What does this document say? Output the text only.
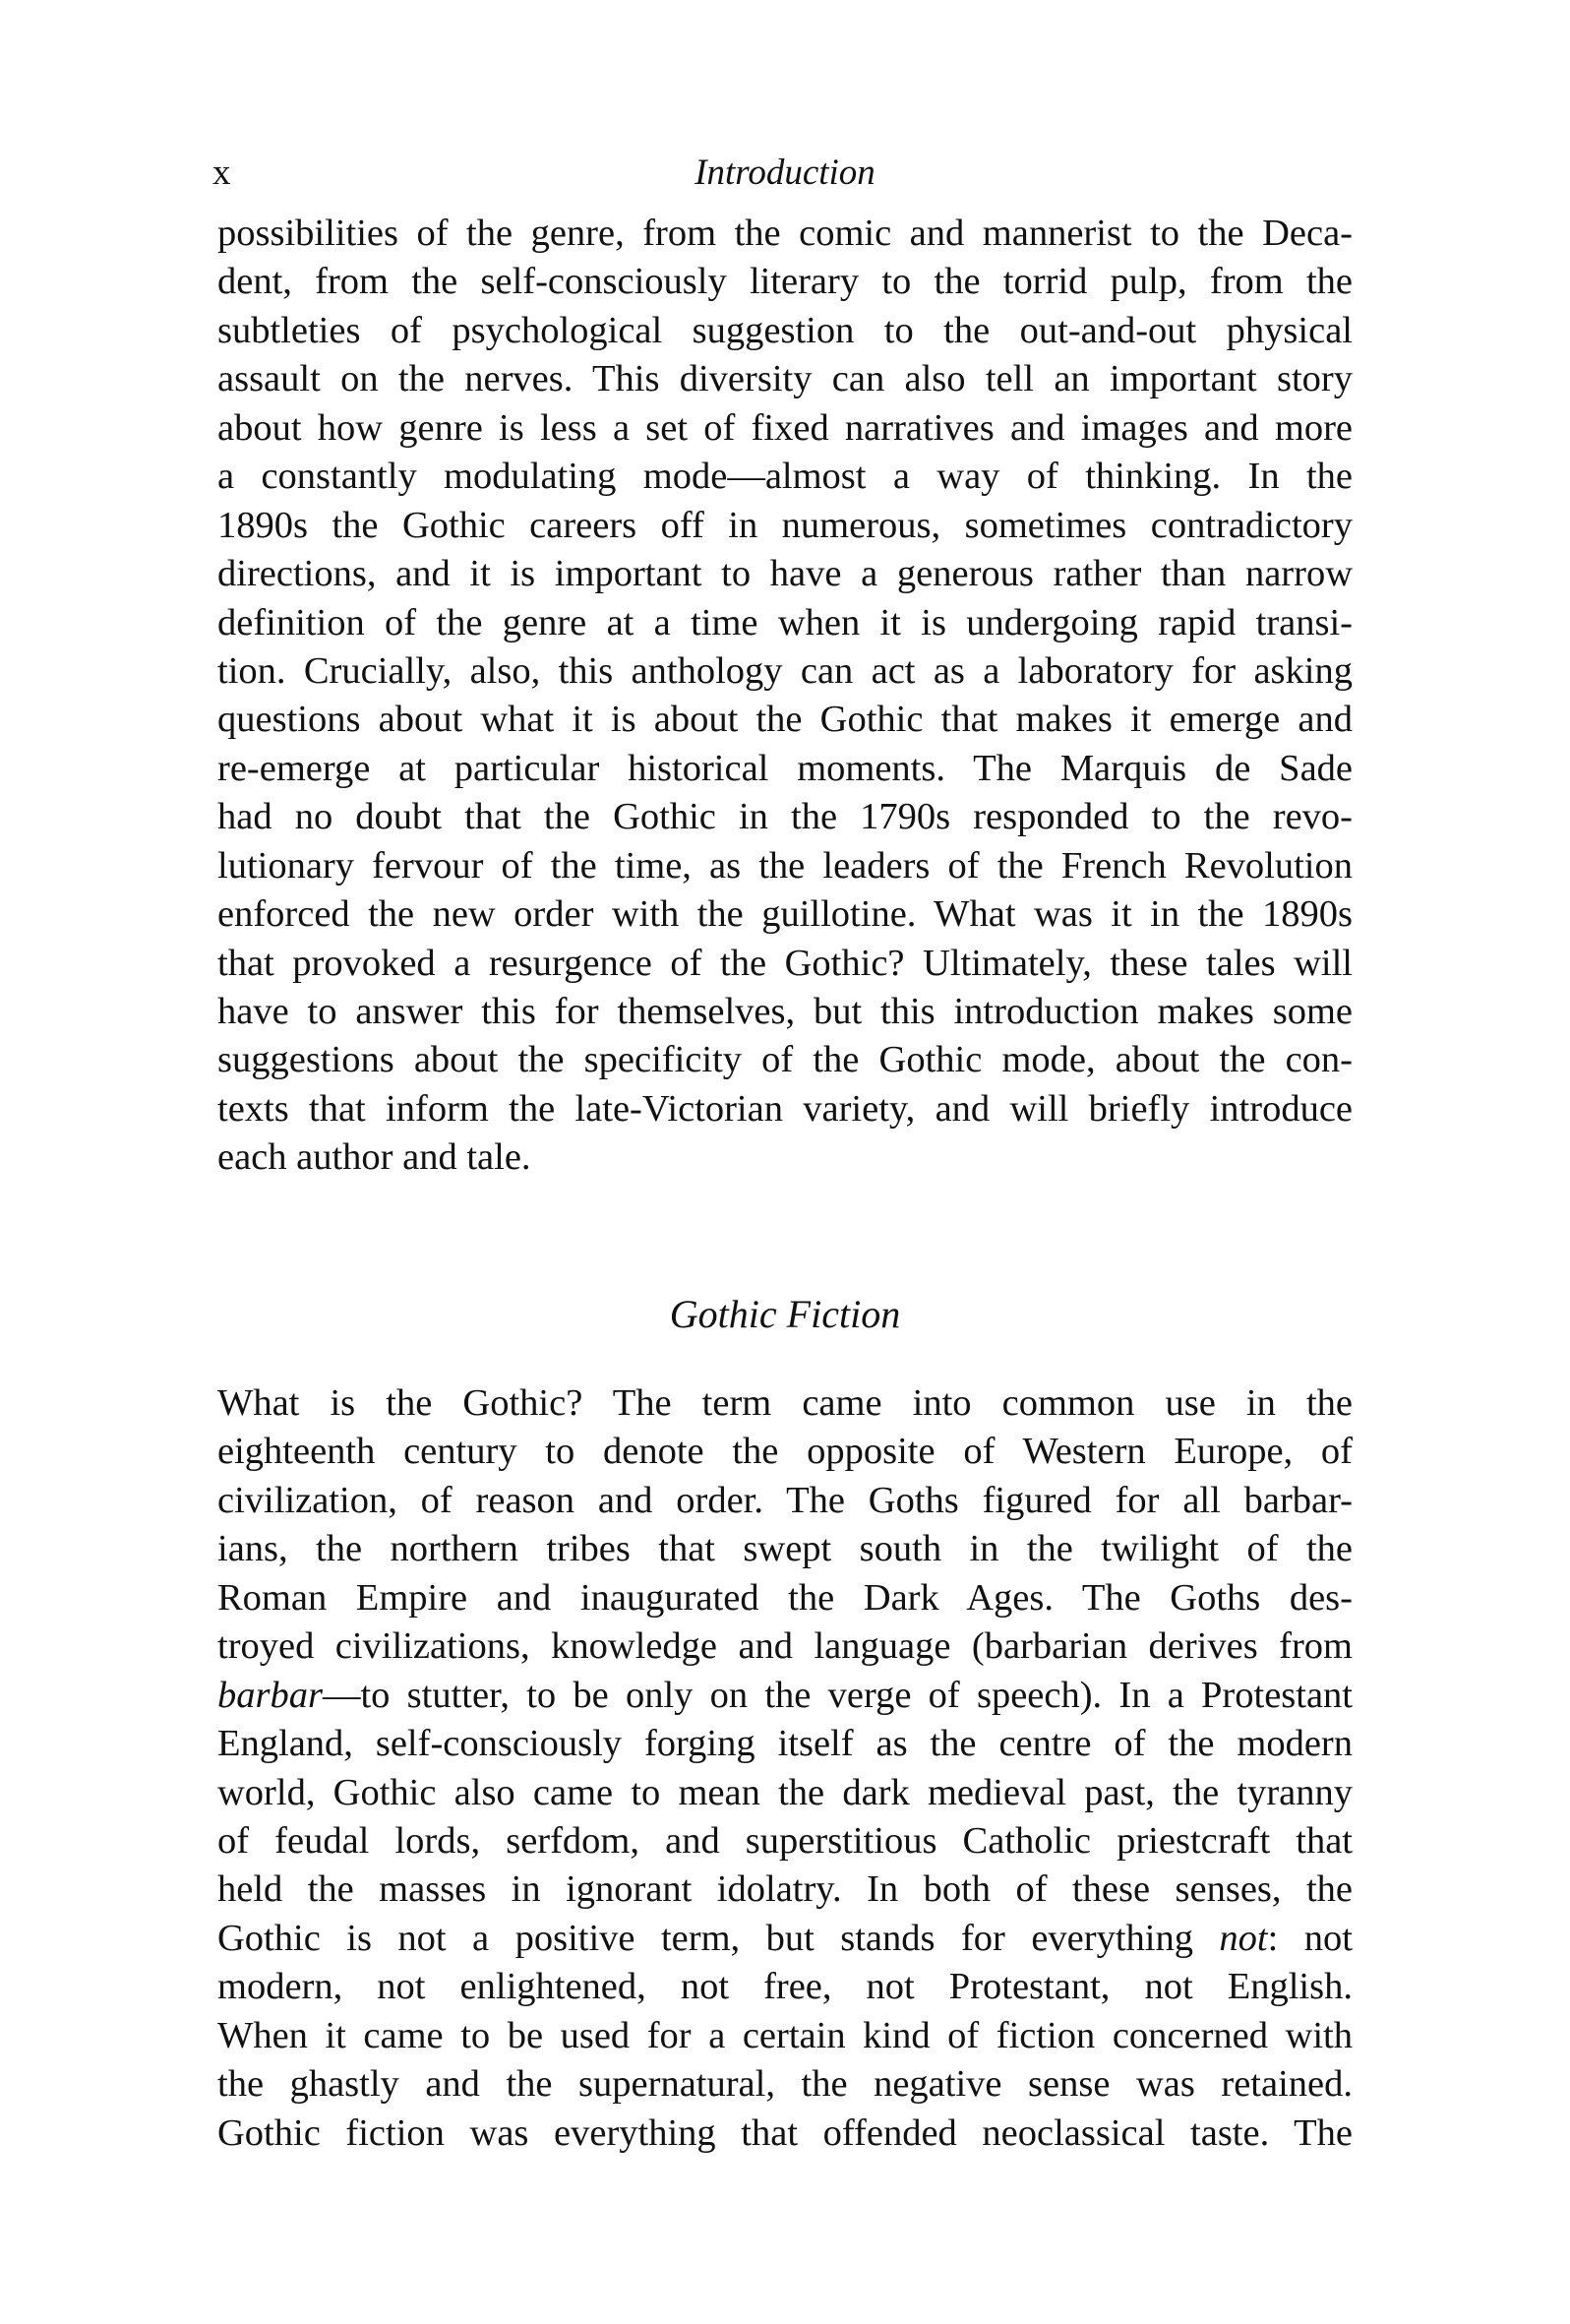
x	Introduction
possibilities of the genre, from the comic and mannerist to the Deca-
dent, from the self-consciously literary to the torrid pulp, from the
subtleties of psychological suggestion to the out-and-out physical
assault on the nerves. This diversity can also tell an important story
about how genre is less a set of fixed narratives and images and more
a constantly modulating mode—almost a way of thinking. In the
1890s the Gothic careers off in numerous, sometimes contradictory
directions, and it is important to have a generous rather than narrow
definition of the genre at a time when it is undergoing rapid transi-
tion. Crucially, also, this anthology can act as a laboratory for asking
questions about what it is about the Gothic that makes it emerge and
re-emerge at particular historical moments. The Marquis de Sade
had no doubt that the Gothic in the 1790s responded to the revo-
lutionary fervour of the time, as the leaders of the French Revolution
enforced the new order with the guillotine. What was it in the 1890s
that provoked a resurgence of the Gothic? Ultimately, these tales will
have to answer this for themselves, but this introduction makes some
suggestions about the specificity of the Gothic mode, about the con-
texts that inform the late-Victorian variety, and will briefly introduce
each author and tale.
Gothic Fiction
What is the Gothic? The term came into common use in the
eighteenth century to denote the opposite of Western Europe, of
civilization, of reason and order. The Goths figured for all barbar-
ians, the northern tribes that swept south in the twilight of the
Roman Empire and inaugurated the Dark Ages. The Goths des-
troyed civilizations, knowledge and language (barbarian derives from
barbar—to stutter, to be only on the verge of speech). In a Protestant
England, self-consciously forging itself as the centre of the modern
world, Gothic also came to mean the dark medieval past, the tyranny
of feudal lords, serfdom, and superstitious Catholic priestcraft that
held the masses in ignorant idolatry. In both of these senses, the
Gothic is not a positive term, but stands for everything not: not
modern, not enlightened, not free, not Protestant, not English.
When it came to be used for a certain kind of fiction concerned with
the ghastly and the supernatural, the negative sense was retained.
Gothic fiction was everything that offended neoclassical taste. The
